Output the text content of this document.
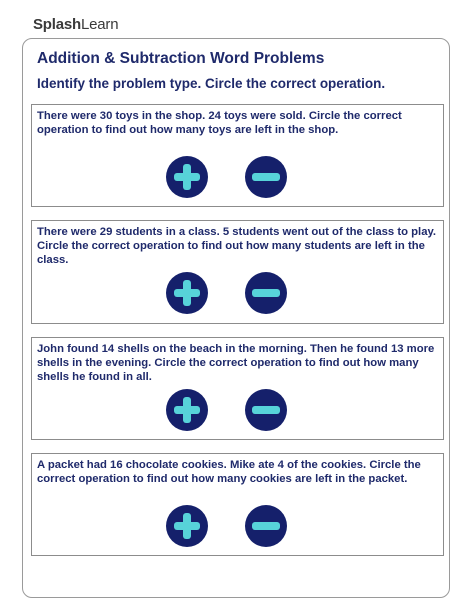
SplashLearn
Addition & Subtraction Word Problems
Identify the problem type. Circle the correct operation.
There were 30 toys in the shop. 24 toys were sold. Circle the correct operation to find out how many toys are left in the shop.
There were 29 students in a class. 5 students went out of the class to play. Circle the correct operation to find out how many students are left in the class.
John found 14 shells on the beach in the morning. Then he found 13 more shells in the evening. Circle the correct operation to find out how many shells he found in all.
A packet had 16 chocolate cookies. Mike ate 4 of the cookies. Circle the correct operation to find out how many cookies are left in the packet.
